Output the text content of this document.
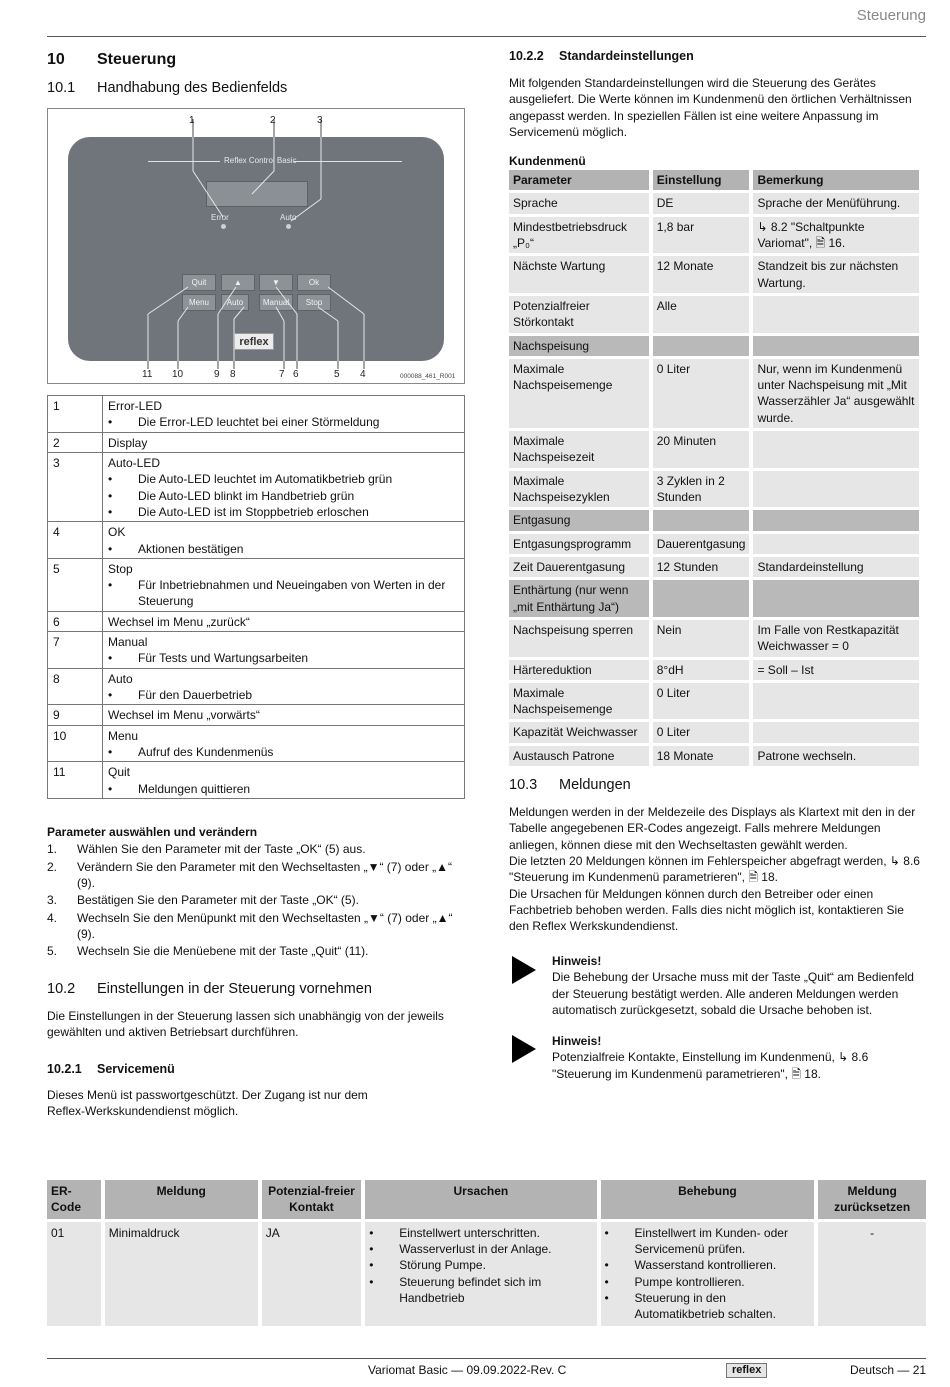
Steuerung
10 Steuerung
10.1 Handhabung des Bedienfelds
Reflex Control Basic
Error	Auto
Quit	▲	▼	Ok
Menu	Auto	Manual	Stop
reflex
1	2	3
11 10	9 8	7 6	5 4	000088_461_R001
1	Error-LED
• Die Error-LED leuchtet bei einer Störmeldung

2	Display
3	Auto-LED
• Die Auto-LED leuchtet im Automatikbetrieb grün
• Die Auto-LED blinkt im Handbetrieb grün
• Die Auto-LED ist im Stoppbetrieb erloschen

4	OK
• Aktionen bestätigen

5	Stop
• Für Inbetriebnahmen und Neueingaben von Werten in der Steuerung

6	Wechsel im Menu „zurück“
7	Manual
• Für Tests und Wartungsarbeiten

8	Auto
• Für den Dauerbetrieb

9	Wechsel im Menu „vorwärts“
10	Menu
• Aufruf des Kundenmenüs

11	Quit
• Meldungen quittieren
Parameter auswählen und verändern
1. Wählen Sie den Parameter mit der Taste „OK“ (5) aus.
2. Verändern Sie den Parameter mit den Wechseltasten „▼“ (7) oder „▲“ (9).
3. Bestätigen Sie den Parameter mit der Taste „OK“ (5).
4. Wechseln Sie den Menüpunkt mit den Wechseltasten „▼“ (7) oder „▲“ (9).
5. Wechseln Sie die Menüebene mit der Taste „Quit“ (11).
10.2 Einstellungen in der Steuerung vornehmen

Die Einstellungen in der Steuerung lassen sich unabhängig von der jeweils gewählten und aktiven Betriebsart durchführen.

10.2.1 Servicemenü

Dieses Menü ist passwortgeschützt. Der Zugang ist nur dem Reflex-Werkskundendienst möglich.

10.2.2 Standardeinstellungen

Mit folgenden Standardeinstellungen wird die Steuerung des Gerätes ausgeliefert. Die Werte können im Kundenmenü den örtlichen Verhältnissen angepasst werden. In speziellen Fällen ist eine weitere Anpassung im Servicemenü möglich.

Kundenmenü
Parameter	Einstellung	Bemerkung
Sprache	DE	Sprache der Menüführung.
Mindestbetriebsdruck „P₀“	1,8 bar	↳ 8.2 "Schaltpunkte Variomat", 🗎 16.
Nächste Wartung	12 Monate	Standzeit bis zur nächsten Wartung.
Potenzialfreier Störkontakt	Alle	
Nachspeisung		
Maximale Nachspeisemenge	0 Liter	Nur, wenn im Kundenmenü unter Nachspeisung mit „Mit Wasserzähler Ja“ ausgewählt wurde.
Maximale Nachspeisezeit	20 Minuten	
Maximale Nachspeisezyklen	3 Zyklen in 2 Stunden	
Entgasung		
Entgasungsprogramm	Dauerentgasung	
Zeit Dauerentgasung	12 Stunden	Standardeinstellung
Enthärtung (nur wenn „mit Enthärtung Ja“)		
Nachspeisung sperren	Nein	Im Falle von Restkapazität Weichwasser = 0
Härtereduktion	8°dH	= Soll – Ist
Maximale Nachspeisemenge	0 Liter	
Kapazität Weichwasser	0 Liter	
Austausch Patrone	18 Monate	Patrone wechseln.
10.3 Meldungen

Meldungen werden in der Meldezeile des Displays als Klartext mit den in der Tabelle angegebenen ER-Codes angezeigt. Falls mehrere Meldungen anliegen, können diese mit den Wechseltasten gewählt werden.

Die letzten 20 Meldungen können im Fehlerspeicher abgefragt werden, ↳ 8.6 "Steuerung im Kundenmenü parametrieren", 🗎 18.

Die Ursachen für Meldungen können durch den Betreiber oder einen Fachbetrieb behoben werden. Falls dies nicht möglich ist, kontaktieren Sie den Reflex Werkskundendienst.

Hinweis!
Die Behebung der Ursache muss mit der Taste „Quit“ am Bedienfeld der Steuerung bestätigt werden. Alle anderen Meldungen werden automatisch zurückgesetzt, sobald die Ursache behoben ist.
Hinweis!
Potenzialfreie Kontakte, Einstellung im Kundenmenü, ↳ 8.6 "Steuerung im Kundenmenü parametrieren", 🗎 18.
ER-Code	Meldung	Potenzial-freier Kontakt	Ursachen	Behebung	Meldung zurücksetzen
01	Minimaldruck	JA	• Einstellwert unterschritten.
• Wasserverlust in der Anlage.
• Störung Pumpe.
• Steuerung befindet sich im Handbetrieb	• Einstellwert im Kunden- oder Servicemenü prüfen.
• Wasserstand kontrollieren.
• Pumpe kontrollieren.
• Steuerung in den Automatikbetrieb schalten.	-
Variomat Basic — 09.09.2022-Rev. C	reflex	Deutsch — 21
